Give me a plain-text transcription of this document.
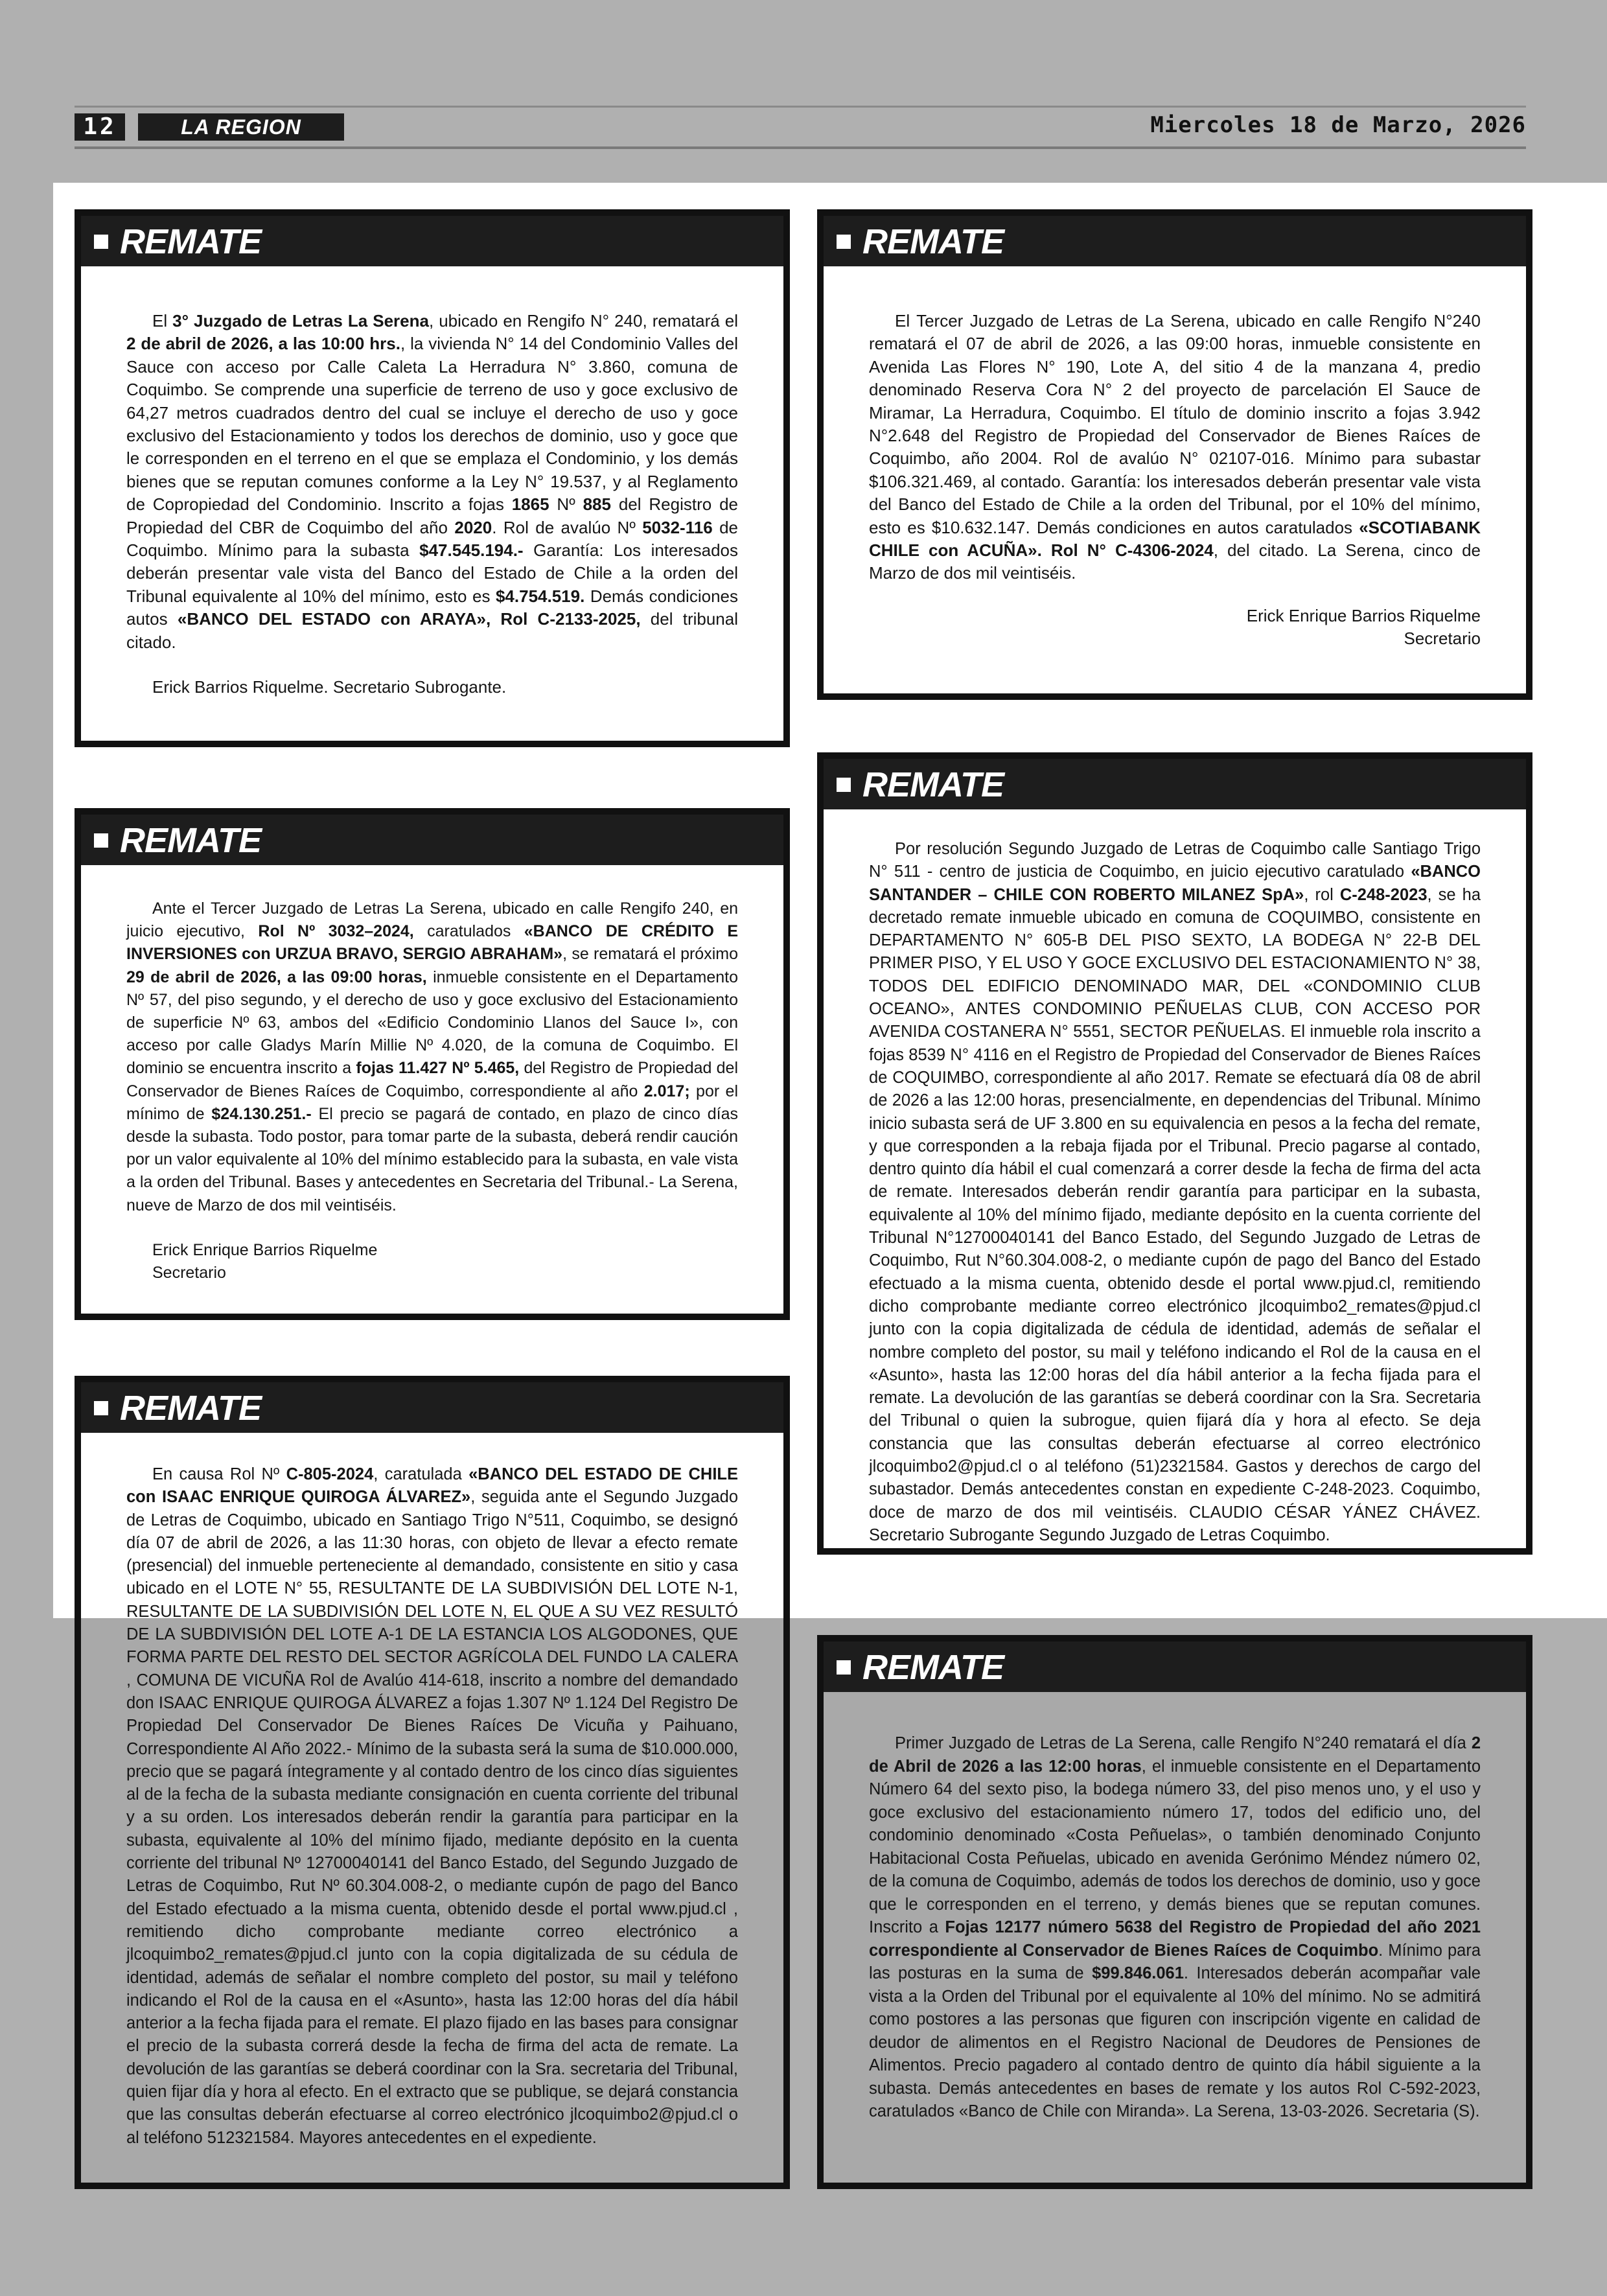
12	LA REGION	Miercoles 18 de Marzo, 2026
REMATE

El 3° Juzgado de Letras La Serena, ubicado en Rengifo N° 240, rematará el 2 de abril de 2026, a las 10:00 hrs., la vivienda N° 14 del Condominio Valles del Sauce con acceso por Calle Caleta La Herradura N° 3.860, comuna de Coquimbo. Se comprende una superficie de terreno de uso y goce exclusivo de 64,27 metros cuadrados dentro del cual se incluye el derecho de uso y goce exclusivo del Estacionamiento y todos los derechos de dominio, uso y goce que le corresponden en el terreno en el que se emplaza el Condominio, y los demás bienes que se reputan comunes conforme a la Ley N° 19.537, y al Reglamento de Copropiedad del Condominio. Inscrito a fojas 1865 Nº 885 del Registro de Propiedad del CBR de Coquimbo del año 2020. Rol de avalúo Nº 5032-116 de Coquimbo. Mínimo para la subasta $47.545.194.- Garantía: Los interesados deberán presentar vale vista del Banco del Estado de Chile a la orden del Tribunal equivalente al 10% del mínimo, esto es $4.754.519. Demás condiciones autos «BANCO DEL ESTADO con ARAYA», Rol C-2133-2025, del tribunal citado.

Erick Barrios Riquelme. Secretario Subrogante.

REMATE

El Tercer Juzgado de Letras de La Serena, ubicado en calle Rengifo N°240 rematará el 07 de abril de 2026, a las 09:00 horas, inmueble consistente en Avenida Las Flores N° 190, Lote A, del sitio 4 de la manzana 4, predio denominado Reserva Cora N° 2 del proyecto de parcelación El Sauce de Miramar, La Herradura, Coquimbo. El título de dominio inscrito a fojas 3.942 N°2.648 del Registro de Propiedad del Conservador de Bienes Raíces de Coquimbo, año 2004. Rol de avalúo N° 02107-016. Mínimo para subastar $106.321.469, al contado. Garantía: los interesados deberán presentar vale vista del Banco del Estado de Chile a la orden del Tribunal, por el 10% del mínimo, esto es $10.632.147. Demás condiciones en autos caratulados «SCOTIABANK CHILE con ACUÑA». Rol N° C-4306-2024, del citado. La Serena, cinco de Marzo de dos mil veintiséis.

Erick Enrique Barrios Riquelme
Secretario

REMATE

Ante el Tercer Juzgado de Letras La Serena, ubicado en calle Rengifo 240, en juicio ejecutivo, Rol Nº 3032–2024, caratulados «BANCO DE CRÉDITO E INVERSIONES con URZUA BRAVO, SERGIO ABRAHAM», se rematará el próximo 29 de abril de 2026, a las 09:00 horas, inmueble consistente en el Departamento Nº 57, del piso segundo, y el derecho de uso y goce exclusivo del Estacionamiento de superficie Nº 63, ambos del «Edificio Condominio Llanos del Sauce I», con acceso por calle Gladys Marín Millie Nº 4.020, de la comuna de Coquimbo. El dominio se encuentra inscrito a fojas 11.427 Nº 5.465, del Registro de Propiedad del Conservador de Bienes Raíces de Coquimbo, correspondiente al año 2.017; por el mínimo de $24.130.251.- El precio se pagará de contado, en plazo de cinco días desde la subasta. Todo postor, para tomar parte de la subasta, deberá rendir caución por un valor equivalente al 10% del mínimo establecido para la subasta, en vale vista a la orden del Tribunal. Bases y antecedentes en Secretaria del Tribunal.- La Serena, nueve de Marzo de dos mil veintiséis.

Erick Enrique Barrios Riquelme
Secretario

REMATE

Por resolución Segundo Juzgado de Letras de Coquimbo calle Santiago Trigo N° 511 - centro de justicia de Coquimbo, en juicio ejecutivo caratulado «BANCO SANTANDER – CHILE CON ROBERTO MILANEZ SpA», rol C-248-2023, se ha decretado remate inmueble ubicado en comuna de COQUIMBO, consistente en DEPARTAMENTO N° 605-B DEL PISO SEXTO, LA BODEGA N° 22-B DEL PRIMER PISO, Y EL USO Y GOCE EXCLUSIVO DEL ESTACIONAMIENTO N° 38, TODOS DEL EDIFICIO DENOMINADO MAR, DEL «CONDOMINIO CLUB OCEANO», ANTES CONDOMINIO PEÑUELAS CLUB, CON ACCESO POR AVENIDA COSTANERA N° 5551, SECTOR PEÑUELAS. El inmueble rola inscrito a fojas 8539 N° 4116 en el Registro de Propiedad del Conservador de Bienes Raíces de COQUIMBO, correspondiente al año 2017. Remate se efectuará día 08 de abril de 2026 a las 12:00 horas, presencialmente, en dependencias del Tribunal. Mínimo inicio subasta será de UF 3.800 en su equivalencia en pesos a la fecha del remate, y que corresponden a la rebaja fijada por el Tribunal. Precio pagarse al contado, dentro quinto día hábil el cual comenzará a correr desde la fecha de firma del acta de remate. Interesados deberán rendir garantía para participar en la subasta, equivalente al 10% del mínimo fijado, mediante depósito en la cuenta corriente del Tribunal N°12700040141 del Banco Estado, del Segundo Juzgado de Letras de Coquimbo, Rut N°60.304.008-2, o mediante cupón de pago del Banco del Estado efectuado a la misma cuenta, obtenido desde el portal www.pjud.cl, remitiendo dicho comprobante mediante correo electrónico jlcoquimbo2_remates@pjud.cl junto con la copia digitalizada de cédula de identidad, además de señalar el nombre completo del postor, su mail y teléfono indicando el Rol de la causa en el «Asunto», hasta las 12:00 horas del día hábil anterior a la fecha fijada para el remate. La devolución de las garantías se deberá coordinar con la Sra. Secretaria del Tribunal o quien la subrogue, quien fijará día y hora al efecto. Se deja constancia que las consultas deberán efectuarse al correo electrónico jlcoquimbo2@pjud.cl o al teléfono (51)2321584. Gastos y derechos de cargo del subastador. Demás antecedentes constan en expediente C-248-2023. Coquimbo, doce de marzo de dos mil veintiséis. CLAUDIO CÉSAR YÁNEZ CHÁVEZ. Secretario Subrogante Segundo Juzgado de Letras Coquimbo.

REMATE

En causa Rol Nº C-805-2024, caratulada «BANCO DEL ESTADO DE CHILE con ISAAC ENRIQUE QUIROGA ÁLVAREZ», seguida ante el Segundo Juzgado de Letras de Coquimbo, ubicado en Santiago Trigo N°511, Coquimbo, se designó día 07 de abril de 2026, a las 11:30 horas, con objeto de llevar a efecto remate (presencial) del inmueble perteneciente al demandado, consistente en sitio y casa ubicado en el LOTE N° 55, RESULTANTE DE LA SUBDIVISIÓN DEL LOTE N-1, RESULTANTE DE LA SUBDIVISIÓN DEL LOTE N, EL QUE A SU VEZ RESULTÓ DE LA SUBDIVISIÓN DEL LOTE A-1 DE LA ESTANCIA LOS ALGODONES, QUE FORMA PARTE DEL RESTO DEL SECTOR AGRÍCOLA DEL FUNDO LA CALERA , COMUNA DE VICUÑA Rol de Avalúo 414-618, inscrito a nombre del demandado don ISAAC ENRIQUE QUIROGA ÁLVAREZ a fojas 1.307 Nº 1.124 Del Registro De Propiedad Del Conservador De Bienes Raíces De Vicuña y Paihuano, Correspondiente Al Año 2022.- Mínimo de la subasta será la suma de $10.000.000, precio que se pagará íntegramente y al contado dentro de los cinco días siguientes al de la fecha de la subasta mediante consignación en cuenta corriente del tribunal y a su orden. Los interesados deberán rendir la garantía para participar en la subasta, equivalente al 10% del mínimo fijado, mediante depósito en la cuenta corriente del tribunal Nº 12700040141 del Banco Estado, del Segundo Juzgado de Letras de Coquimbo, Rut Nº 60.304.008-2, o mediante cupón de pago del Banco del Estado efectuado a la misma cuenta, obtenido desde el portal www.pjud.cl , remitiendo dicho comprobante mediante correo electrónico a jlcoquimbo2_remates@pjud.cl junto con la copia digitalizada de su cédula de identidad, además de señalar el nombre completo del postor, su mail y teléfono indicando el Rol de la causa en el «Asunto», hasta las 12:00 horas del día hábil anterior a la fecha fijada para el remate. El plazo fijado en las bases para consignar el precio de la subasta correrá desde la fecha de firma del acta de remate. La devolución de las garantías se deberá coordinar con la Sra. secretaria del Tribunal, quien fijar día y hora al efecto. En el extracto que se publique, se dejará constancia que las consultas deberán efectuarse al correo electrónico jlcoquimbo2@pjud.cl o al teléfono 512321584. Mayores antecedentes en el expediente.

REMATE

Primer Juzgado de Letras de La Serena, calle Rengifo N°240 rematará el día 2 de Abril de 2026 a las 12:00 horas, el inmueble consistente en el Departamento Número 64 del sexto piso, la bodega número 33, del piso menos uno, y el uso y goce exclusivo del estacionamiento número 17, todos del edificio uno, del condominio denominado «Costa Peñuelas», o también denominado Conjunto Habitacional Costa Peñuelas, ubicado en avenida Gerónimo Méndez número 02, de la comuna de Coquimbo, además de todos los derechos de dominio, uso y goce que le corresponden en el terreno, y demás bienes que se reputan comunes. Inscrito a Fojas 12177 número 5638 del Registro de Propiedad del año 2021 correspondiente al Conservador de Bienes Raíces de Coquimbo. Mínimo para las posturas en la suma de $99.846.061. Interesados deberán acompañar vale vista a la Orden del Tribunal por el equivalente al 10% del mínimo. No se admitirá como postores a las personas que figuren con inscripción vigente en calidad de deudor de alimentos en el Registro Nacional de Deudores de Pensiones de Alimentos. Precio pagadero al contado dentro de quinto día hábil siguiente a la subasta. Demás antecedentes en bases de remate y los autos Rol C-592-2023, caratulados «Banco de Chile con Miranda». La Serena, 13-03-2026. Secretaria (S).
